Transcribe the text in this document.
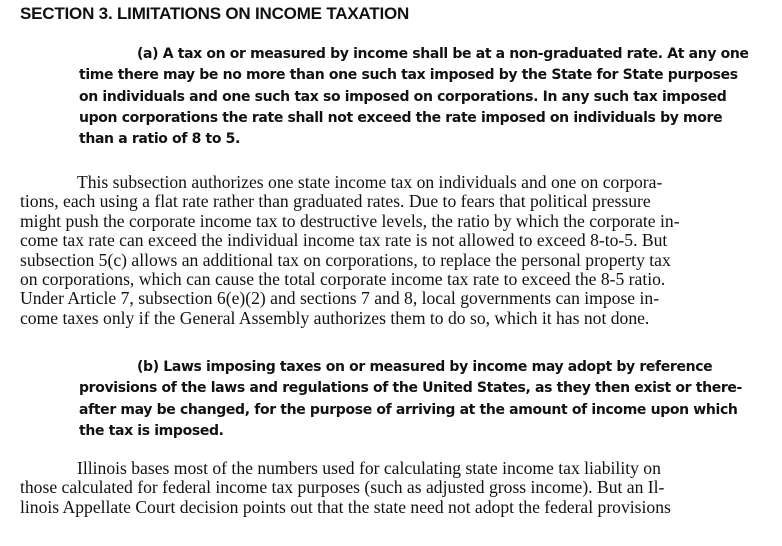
SECTION 3. LIMITATIONS ON INCOME TAXATION
(a) A tax on or measured by income shall be at a non-graduated rate. At any one
time there may be no more than one such tax imposed by the State for State purposes
on individuals and one such tax so imposed on corporations. In any such tax imposed
upon corporations the rate shall not exceed the rate imposed on individuals by more
than a ratio of 8 to 5.
This subsection authorizes one state income tax on individuals and one on corpora-
tions, each using a flat rate rather than graduated rates. Due to fears that political pressure
might push the corporate income tax to destructive levels, the ratio by which the corporate in-
come tax rate can exceed the individual income tax rate is not allowed to exceed 8-to-5. But
subsection 5(c) allows an additional tax on corporations, to replace the personal property tax
on corporations, which can cause the total corporate income tax rate to exceed the 8-5 ratio.
Under Article 7, subsection 6(e)(2) and sections 7 and 8, local governments can impose in-
come taxes only if the General Assembly authorizes them to do so, which it has not done.
(b) Laws imposing taxes on or measured by income may adopt by reference
provisions of the laws and regulations of the United States, as they then exist or there-
after may be changed, for the purpose of arriving at the amount of income upon which
the tax is imposed.
Illinois bases most of the numbers used for calculating state income tax liability on
those calculated for federal income tax purposes (such as adjusted gross income). But an Il-
linois Appellate Court decision points out that the state need not adopt the federal provisions
